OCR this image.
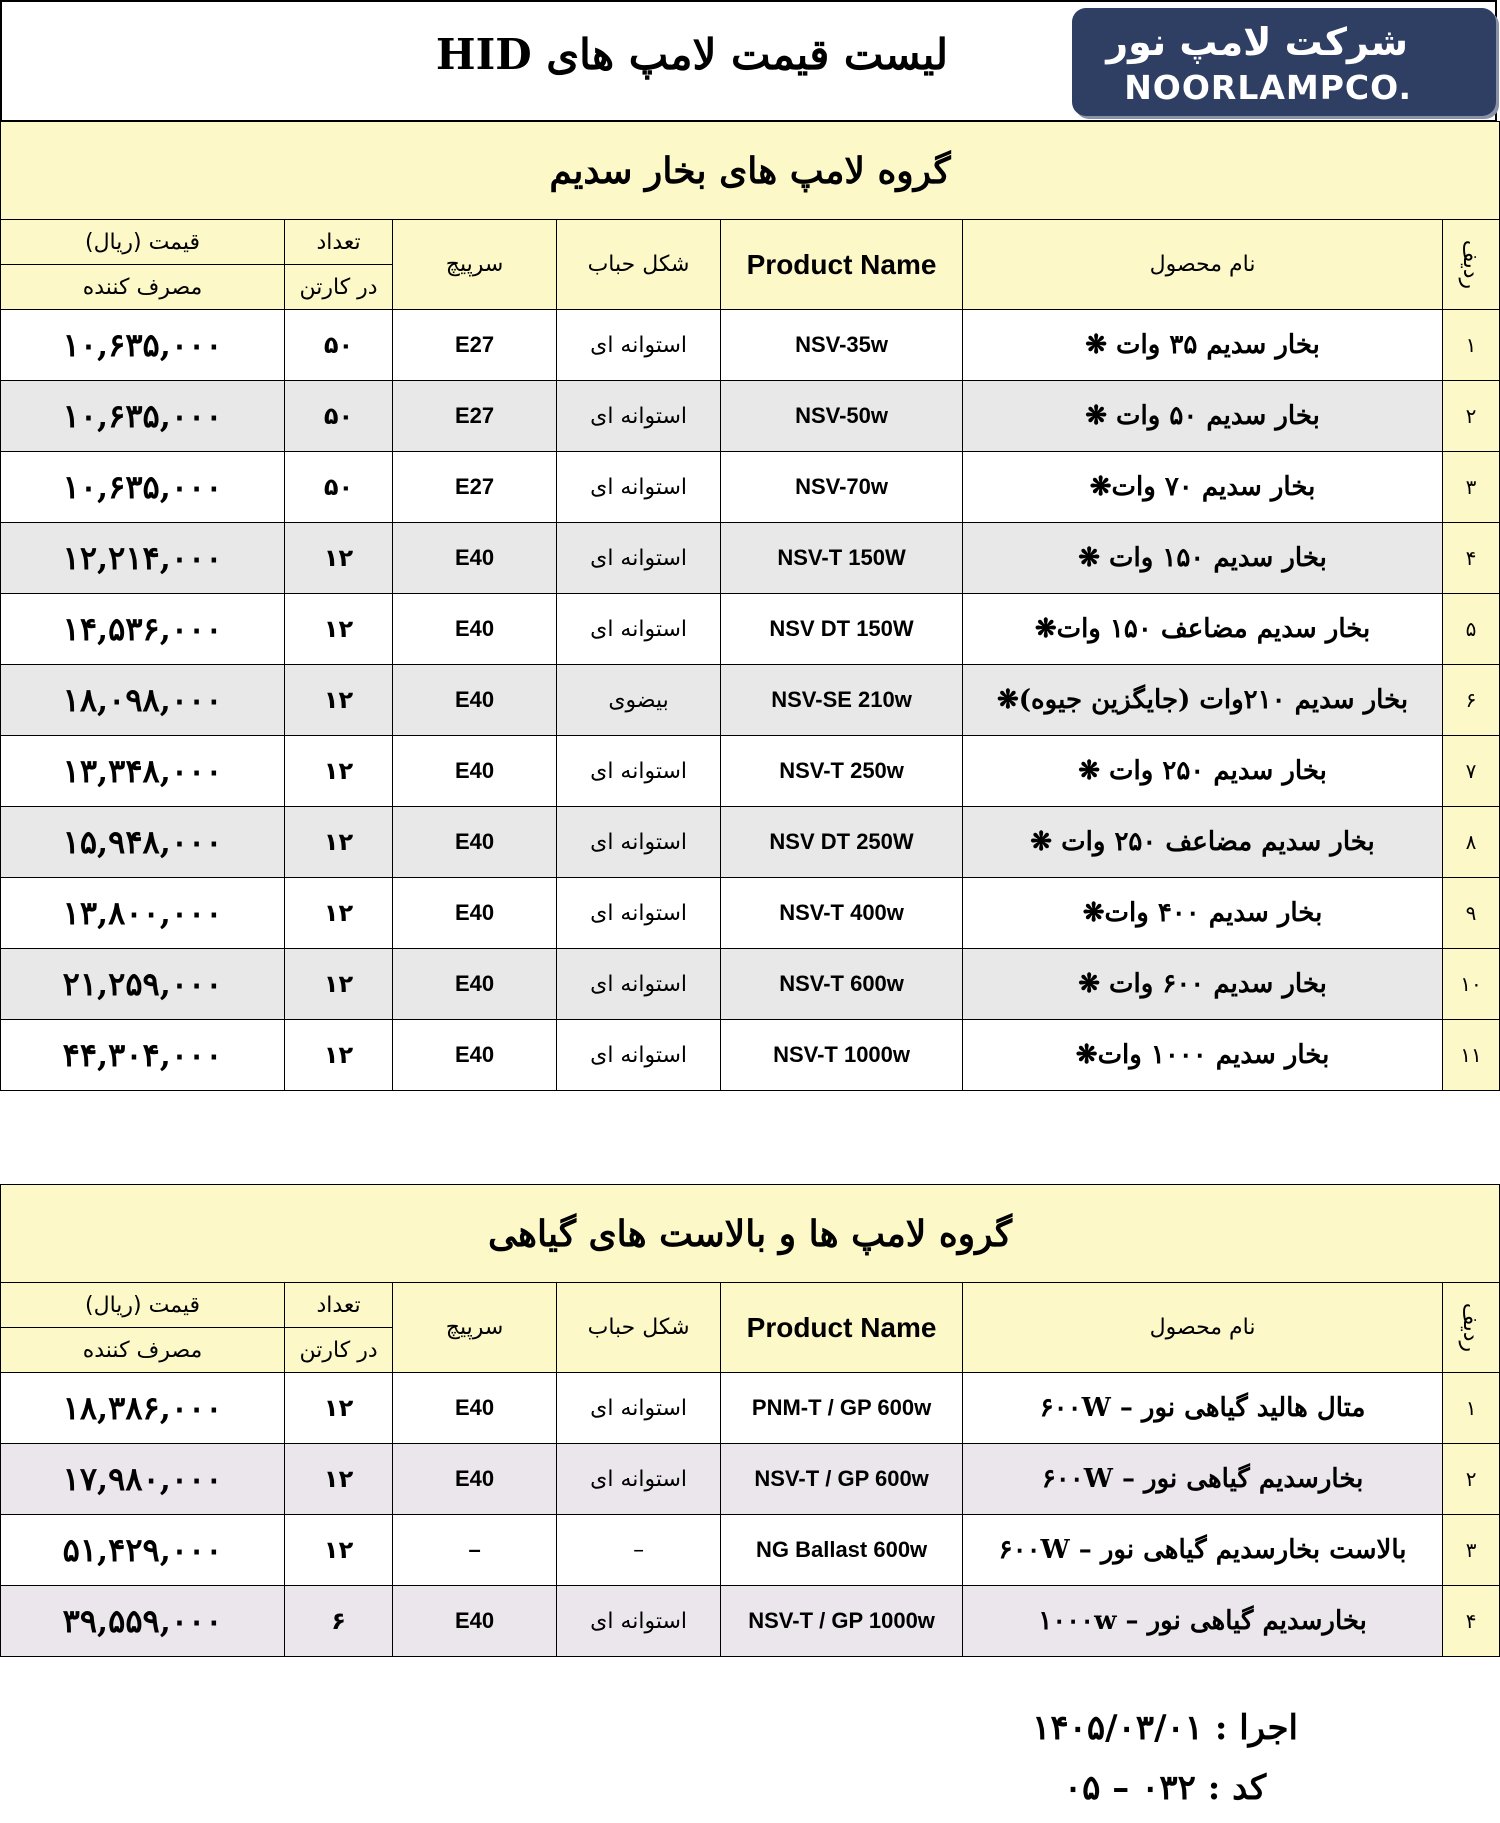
لیست قیمت لامپ های HID	شرکت لامپ نور
NOORLAMPCO.
گروه لامپ های بخار سدیم						
ردیف	نام محصول	Product Name	شکل حباب	سرپیچ	تعداد	قیمت (ریال)
					در کارتن	مصرف کننده
۱	بخار سدیم ۳۵ وات ❋	NSV-35w	استوانه ای	E27	۵۰	۱۰,۶۳۵,۰۰۰
۲	بخار سدیم ۵۰ وات ❋	NSV-50w	استوانه ای	E27	۵۰	۱۰,۶۳۵,۰۰۰
۳	بخار سدیم ۷۰ وات❋	NSV-70w	استوانه ای	E27	۵۰	۱۰,۶۳۵,۰۰۰
۴	بخار سدیم ۱۵۰ وات ❋	NSV-T 150W	استوانه ای	E40	۱۲	۱۲,۲۱۴,۰۰۰
۵	بخار سدیم مضاعف ۱۵۰ وات❋	NSV DT 150W	استوانه ای	E40	۱۲	۱۴,۵۳۶,۰۰۰
۶	بخار سدیم ۲۱۰وات (جایگزین جیوه)❋	NSV-SE 210w	بیضوی	E40	۱۲	۱۸,۰۹۸,۰۰۰
۷	بخار سدیم ۲۵۰ وات ❋	NSV-T 250w	استوانه ای	E40	۱۲	۱۳,۳۴۸,۰۰۰
۸	بخار سدیم مضاعف ۲۵۰ وات ❋	NSV DT 250W	استوانه ای	E40	۱۲	۱۵,۹۴۸,۰۰۰
۹	بخار سدیم ۴۰۰ وات❋	NSV-T 400w	استوانه ای	E40	۱۲	۱۳,۸۰۰,۰۰۰
۱۰	بخار سدیم ۶۰۰ وات ❋	NSV-T 600w	استوانه ای	E40	۱۲	۲۱,۲۵۹,۰۰۰
۱۱	بخار سدیم ۱۰۰۰ وات❋	NSV-T 1000w	استوانه ای	E40	۱۲	۴۴,۳۰۴,۰۰۰
گروه لامپ ها و بالاست های گیاهی						
ردیف	نام محصول	Product Name	شکل حباب	سرپیچ	تعداد	قیمت (ریال)
					در کارتن	مصرف کننده
۱	متال هالید گیاهی نور – ۶۰۰W	PNM-T / GP 600w	استوانه ای	E40	۱۲	۱۸,۳۸۶,۰۰۰
۲	بخارسدیم گیاهی نور – ۶۰۰W	NSV-T / GP 600w	استوانه ای	E40	۱۲	۱۷,۹۸۰,۰۰۰
۳	بالاست بخارسدیم گیاهی نور – ۶۰۰W	NG Ballast 600w	–	–	۱۲	۵۱,۴۲۹,۰۰۰
۴	بخارسدیم گیاهی نور – ۱۰۰۰w	NSV-T / GP 1000w	استوانه ای	E40	۶	۳۹,۵۵۹,۰۰۰
اجرا : ۱۴۰۵/۰۳/۰۱
کد : ۰۳۲ – ۰۵
